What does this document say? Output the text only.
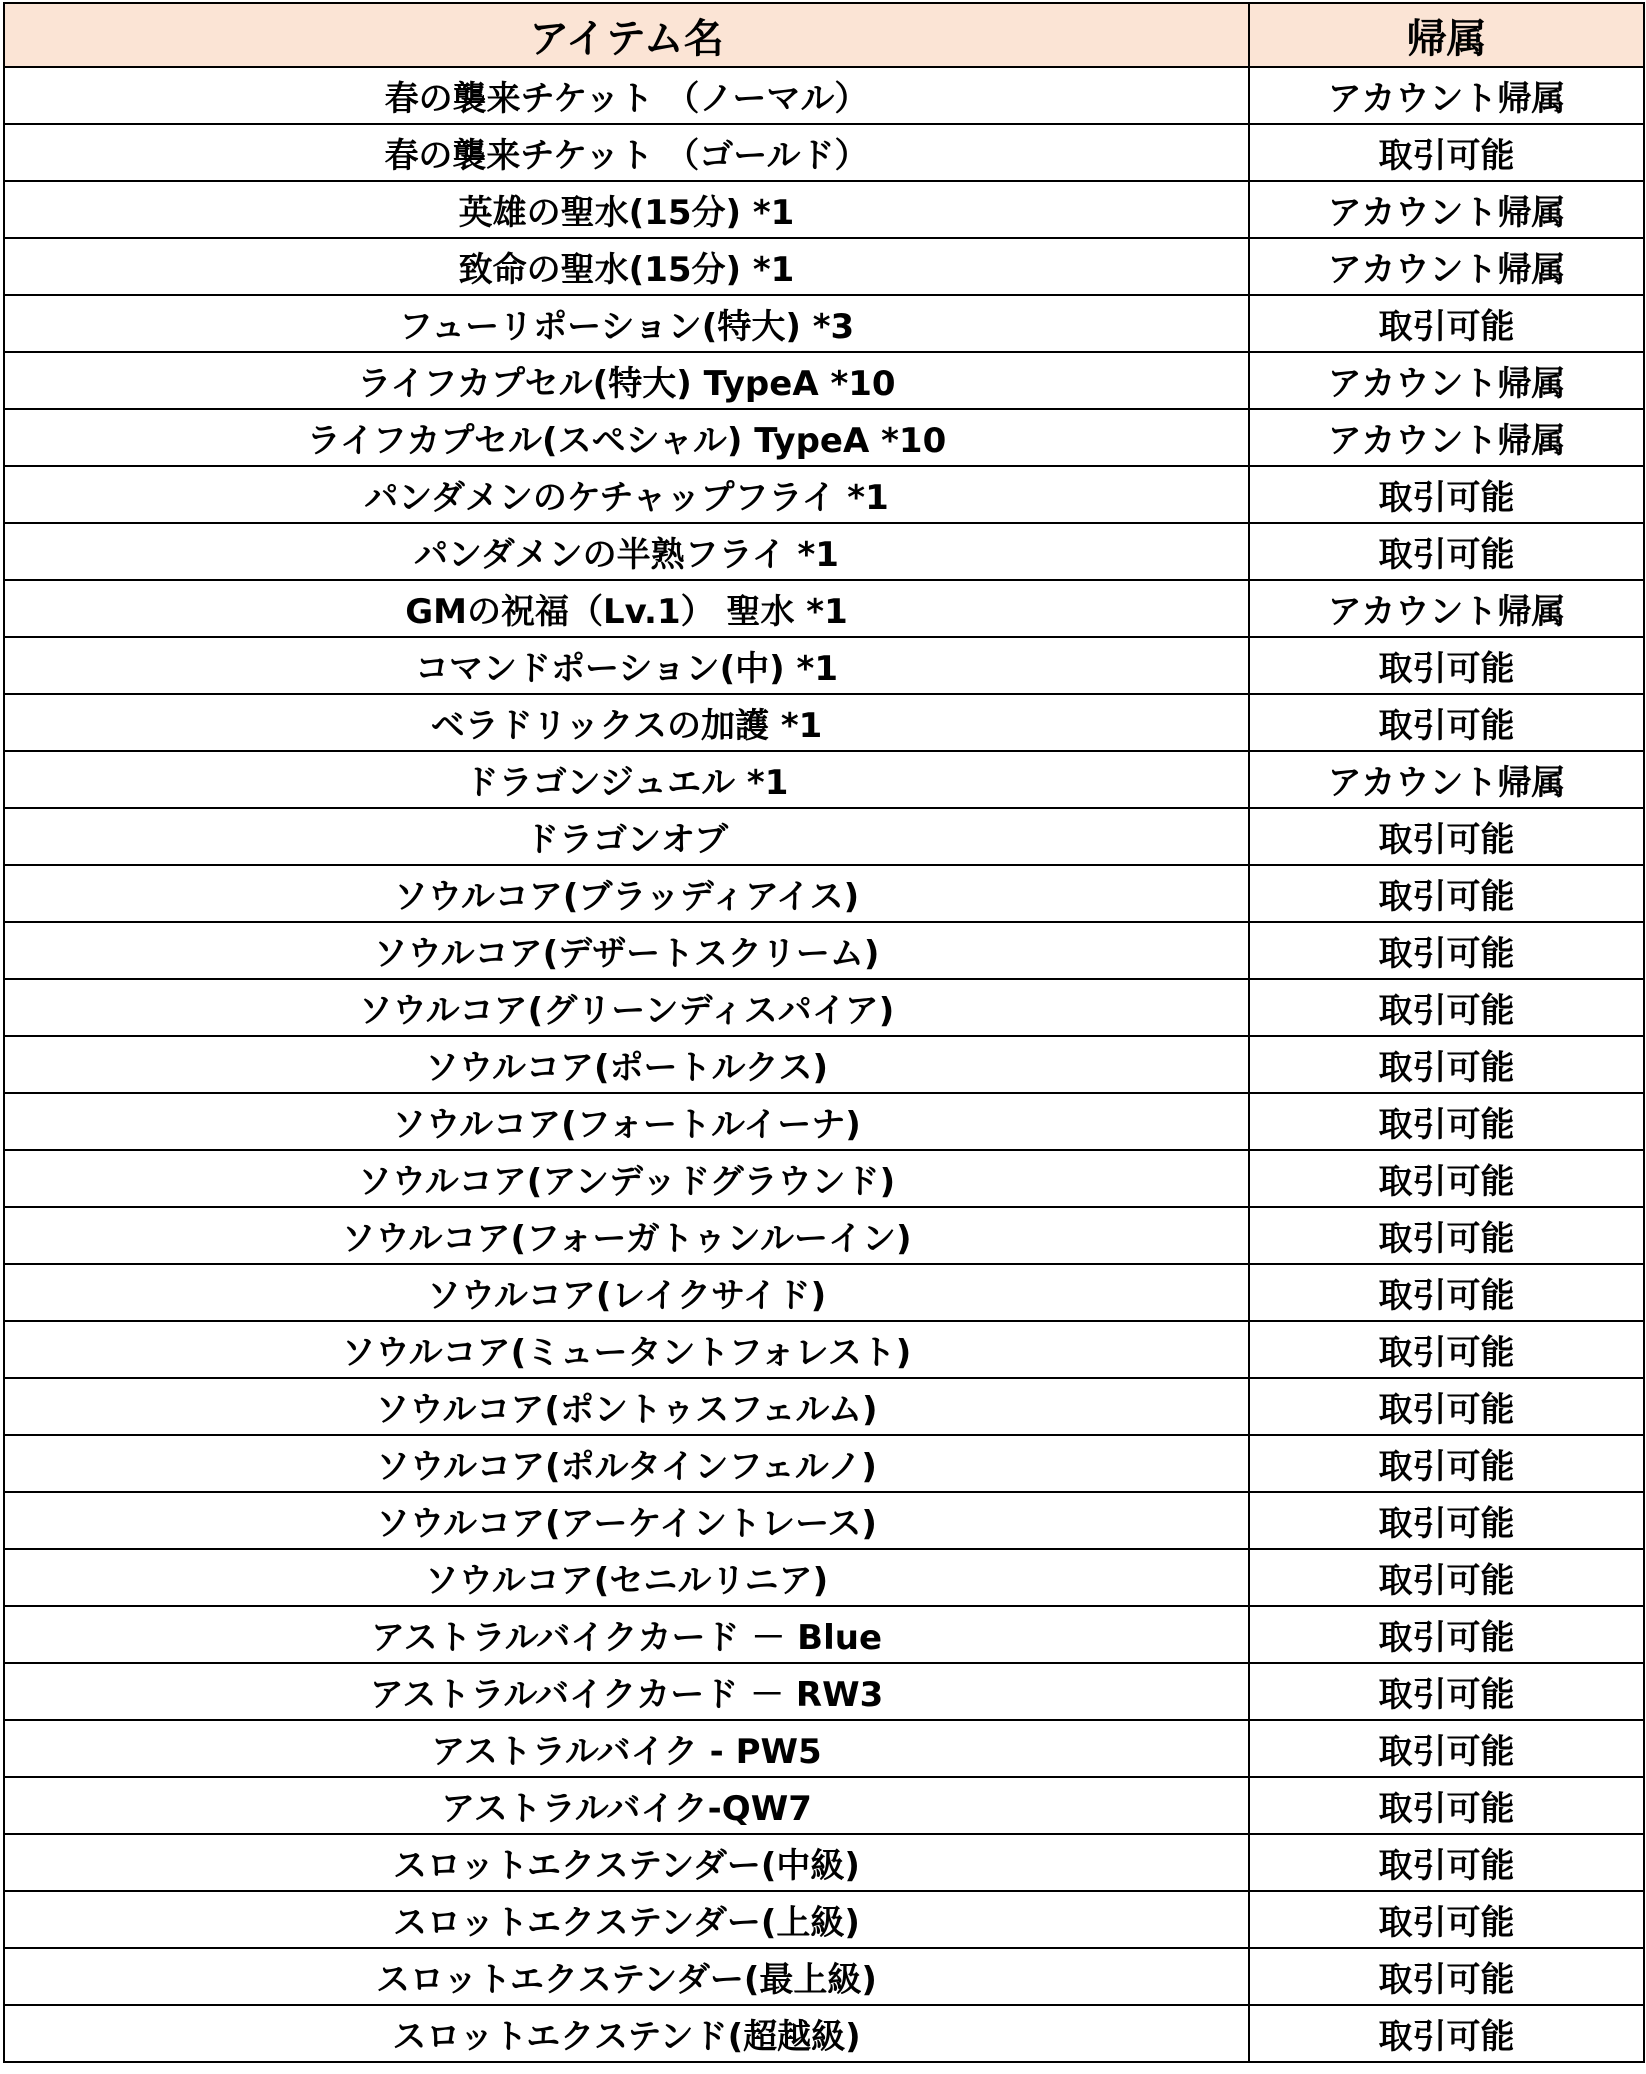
アイテム名	帰属
春の襲来チケット （ノーマル）	アカウント帰属
春の襲来チケット （ゴールド）	取引可能
英雄の聖水(15分) *1	アカウント帰属
致命の聖水(15分) *1	アカウント帰属
フューリポーション(特大) *3	取引可能
ライフカプセル(特大) TypeA *10	アカウント帰属
ライフカプセル(スペシャル) TypeA *10	アカウント帰属
パンダメンのケチャップフライ *1	取引可能
パンダメンの半熟フライ *1	取引可能
GMの祝福（Lv.1） 聖水 *1	アカウント帰属
コマンドポーション(中) *1	取引可能
ベラドリックスの加護 *1	取引可能
ドラゴンジュエル *1	アカウント帰属
ドラゴンオブ	取引可能
ソウルコア(ブラッディアイス)	取引可能
ソウルコア(デザートスクリーム)	取引可能
ソウルコア(グリーンディスパイア)	取引可能
ソウルコア(ポートルクス)	取引可能
ソウルコア(フォートルイーナ)	取引可能
ソウルコア(アンデッドグラウンド)	取引可能
ソウルコア(フォーガトゥンルーイン)	取引可能
ソウルコア(レイクサイド)	取引可能
ソウルコア(ミュータントフォレスト)	取引可能
ソウルコア(ポントゥスフェルム)	取引可能
ソウルコア(ポルタインフェルノ)	取引可能
ソウルコア(アーケイントレース)	取引可能
ソウルコア(セニルリニア)	取引可能
アストラルバイクカード － Blue	取引可能
アストラルバイクカード － RW3	取引可能
アストラルバイク - PW5	取引可能
アストラルバイク-QW7	取引可能
スロットエクステンダー(中級)	取引可能
スロットエクステンダー(上級)	取引可能
スロットエクステンダー(最上級)	取引可能
スロットエクステンド(超越級)	取引可能
